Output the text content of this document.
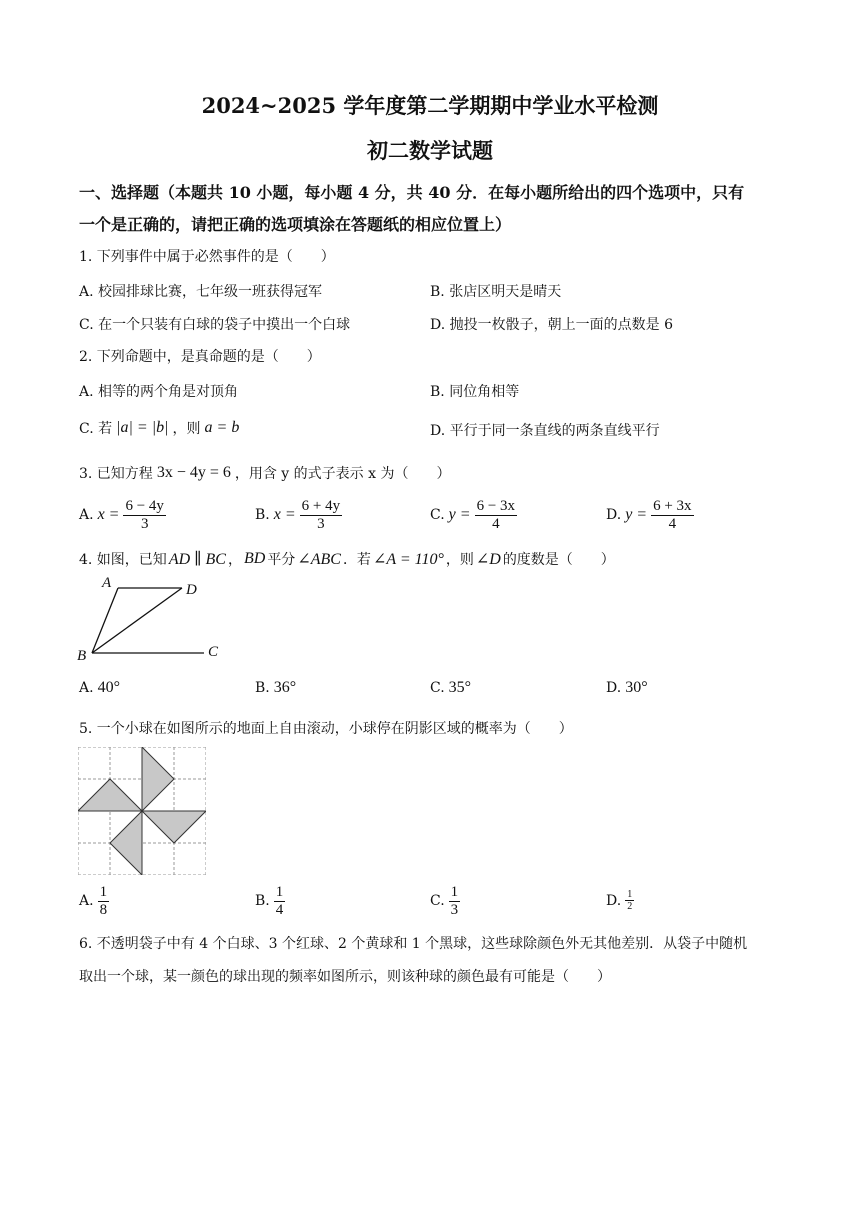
2024~2025 学年度第二学期期中学业水平检测
初二数学试题
一、选择题（本题共 10 小题，每小题 4 分，共 40 分．在每小题所给出的四个选项中，只有
一个是正确的，请把正确的选项填涂在答题纸的相应位置上）
1. 下列事件中属于必然事件的是（　　）
A. 校园排球比赛，七年级一班获得冠军	B. 张店区明天是晴天
C. 在一个只装有白球的袋子中摸出一个白球	D. 抛投一枚骰子，朝上一面的点数是 6
2. 下列命题中，是真命题的是（　　）
A. 相等的两个角是对顶角	B. 同位角相等
C. 若 |a| = |b| ，则 a = b	D. 平行于同一条直线的两条直线平行
3. 已知方程 3x − 4y = 6 ，用含 y 的式子表示 x 为（　　）
A. $x = \frac{6 - 4y}{3}$	B. $x = \frac{6 + 4y}{3}$	C. $y = \frac{6 - 3x}{4}$	D. $y = \frac{6 + 3x}{4}$
4. 如图，已知 AD ∥ BC ， BD 平分 ∠ABC ．若 ∠A = 110° ，则 ∠D 的度数是（　　）
A	D
B	C
A. 40°	B. 36°	C. 35°	D. 30°
5. 一个小球在如图所示的地面上自由滚动，小球停在阴影区域的概率为（　　）
A. $\frac{1}{8}$	B. $\frac{1}{4}$	C. $\frac{1}{3}$	D. $\frac{1}{2}$
6. 不透明袋子中有 4 个白球、3 个红球、2 个黄球和 1 个黑球，这些球除颜色外无其他差别．从袋子中随机
取出一个球，某一颜色的球出现的频率如图所示，则该种球的颜色最有可能是（　　）
